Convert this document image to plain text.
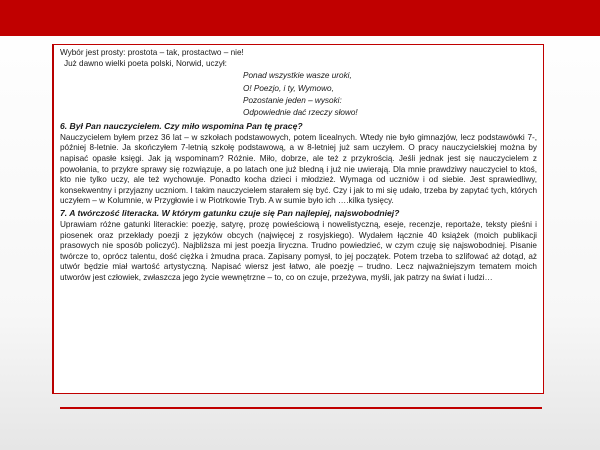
Wybór jest prosty: prostota – tak, prostactwo – nie!

Już dawno wielki poeta polski, Norwid, uczył:

Ponad wszystkie wasze uroki,
O! Poezjo, i ty, Wymowo,
Pozostanie jeden – wysoki:
Odpowiednie dać rzeczy słowo!

6. Był Pan nauczycielem. Czy miło wspomina Pan tę pracę?

Nauczycielem byłem przez 36 lat – w szkołach podstawowych, potem licealnych. Wtedy nie było gimnazjów, lecz podstawówki 7-, później 8-letnie. Ja skończyłem 7-letnią szkołę podstawową, a w 8-letniej już sam uczyłem. O pracy nauczycielskiej można by napisać opasłe księgi. Jak ją wspominam? Różnie. Miło, dobrze, ale też z przykrością. Jeśli jednak jest się nauczycielem z powołania, to przykre sprawy się rozwiązuje, a po latach one już bledną i już nie uwierają. Dla mnie prawdziwy nauczyciel to ktoś, kto nie tylko uczy, ale też wychowuje. Ponadto kocha dzieci i młodzież. Wymaga od uczniów i od siebie. Jest sprawiedliwy, konsekwentny i przyjazny uczniom. I takim nauczycielem starałem się być. Czy i jak to mi się udało, trzeba by zapytać tych, których uczyłem – w Kolumnie, w Przygłowie i w Piotrkowie Tryb. A w sumie było ich ….kilka tysięcy.

7. A twórczość literacka. W którym gatunku czuje się Pan najlepiej, najswobodniej?

Uprawiam różne gatunki literackie: poezję, satyrę, prozę powieściową i nowelistyczną, eseje, recenzje, reportaże, teksty pieśni i piosenek oraz przekłady poezji z języków obcych (najwięcej z rosyjskiego). Wydałem łącznie 40 książek (moich publikacji prasowych nie sposób policzyć). Najbliższa mi jest poezja liryczna. Trudno powiedzieć, w czym czuję się najswobodniej. Pisanie twórcze to, oprócz talentu, dość ciężka i żmudna praca. Zapisany pomysł, to jej początek. Potem trzeba to szlifować aż dotąd, aż utwór będzie miał wartość artystyczną. Napisać wiersz jest łatwo, ale poezję – trudno. Lecz najważniejszym tematem moich utworów jest człowiek, zwłaszcza jego życie wewnętrzne – to, co on czuje, przeżywa, myśli, jak patrzy na świat i ludzi…
